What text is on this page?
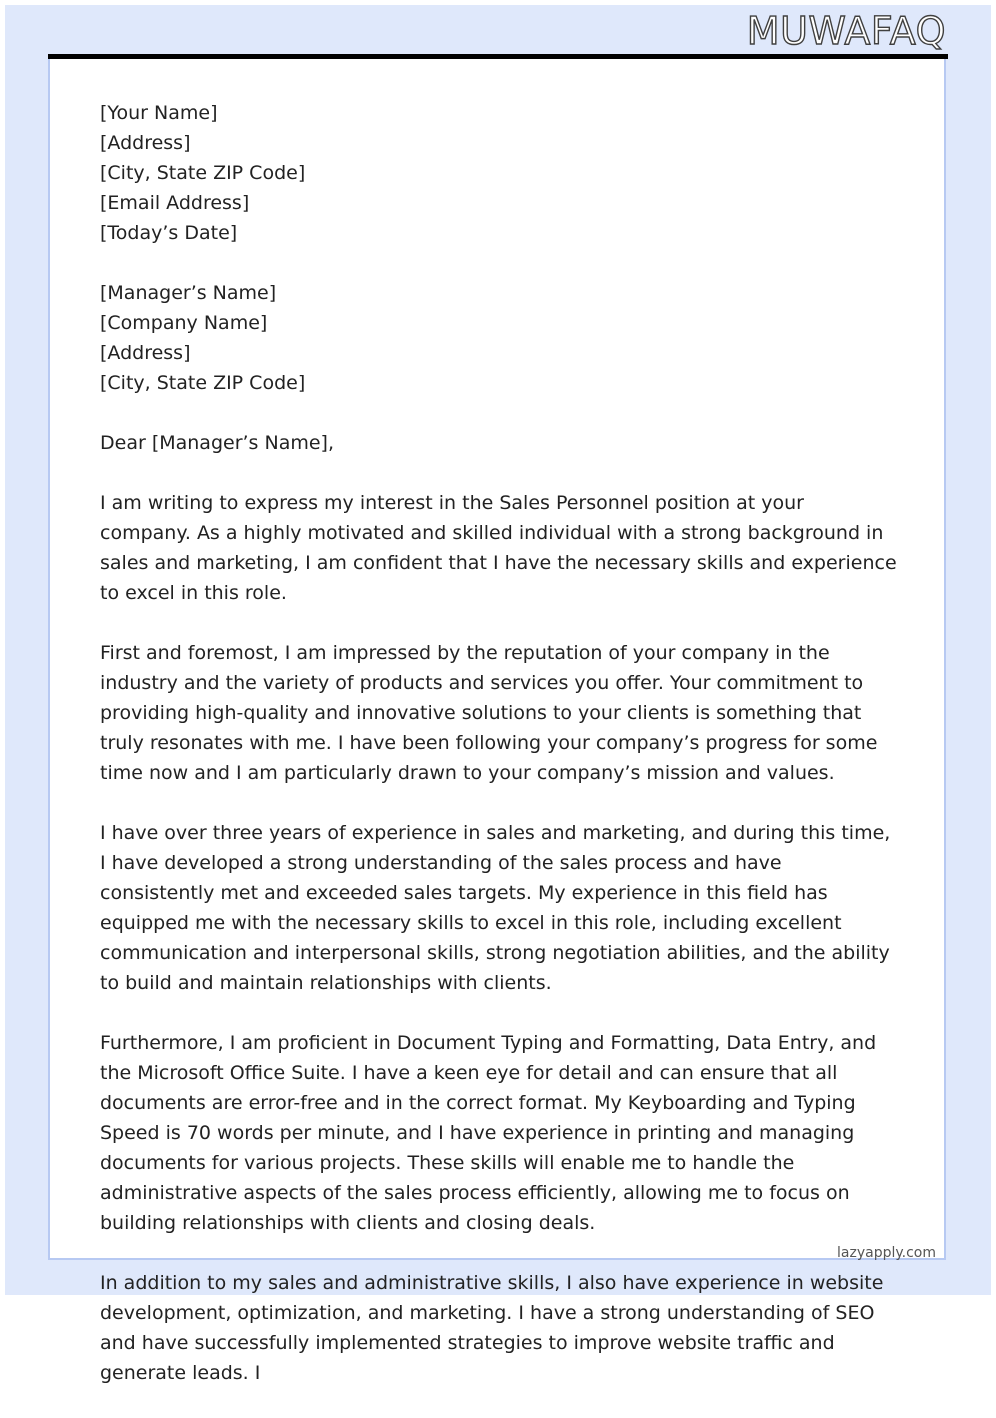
MUWAFAQ

[Your Name]
[Address]
[City, State ZIP Code]
[Email Address]
[Today’s Date]

[Manager’s Name]
[Company Name]
[Address]
[City, State ZIP Code]

Dear [Manager’s Name],

I am writing to express my interest in the Sales Personnel position at your company. As a highly motivated and skilled individual with a strong background in sales and marketing, I am confident that I have the necessary skills and experience to excel in this role.

First and foremost, I am impressed by the reputation of your company in the industry and the variety of products and services you offer. Your commitment to providing high-quality and innovative solutions to your clients is something that truly resonates with me. I have been following your company’s progress for some time now and I am particularly drawn to your company’s mission and values.

I have over three years of experience in sales and marketing, and during this time, I have developed a strong understanding of the sales process and have consistently met and exceeded sales targets. My experience in this field has equipped me with the necessary skills to excel in this role, including excellent communication and interpersonal skills, strong negotiation abilities, and the ability to build and maintain relationships with clients.

Furthermore, I am proficient in Document Typing and Formatting, Data Entry, and the Microsoft Office Suite. I have a keen eye for detail and can ensure that all documents are error-free and in the correct format. My Keyboarding and Typing Speed is 70 words per minute, and I have experience in printing and managing documents for various projects. These skills will enable me to handle the administrative aspects of the sales process efficiently, allowing me to focus on building relationships with clients and closing deals.

In addition to my sales and administrative skills, I also have experience in website development, optimization, and marketing. I have a strong understanding of SEO and have successfully implemented strategies to improve website traffic and generate leads. I

lazyapply.com
